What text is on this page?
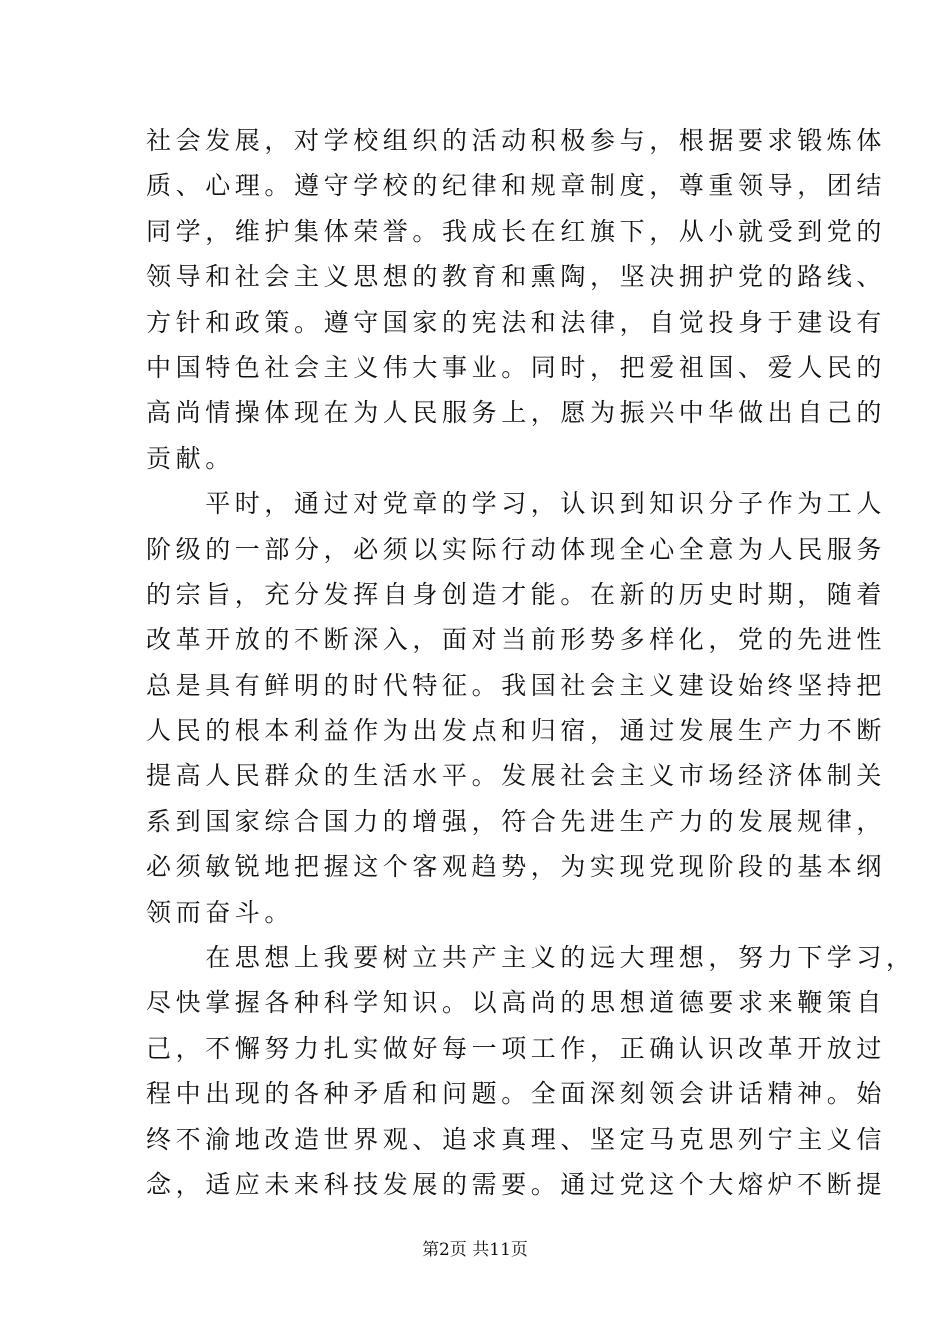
社会发展，对学校组织的活动积极参与，根据要求锻炼体
质、心理。遵守学校的纪律和规章制度，尊重领导，团结
同学，维护集体荣誉。我成长在红旗下，从小就受到党的
领导和社会主义思想的教育和熏陶，坚决拥护党的路线、
方针和政策。遵守国家的宪法和法律，自觉投身于建设有
中国特色社会主义伟大事业。同时，把爱祖国、爱人民的
高尚情操体现在为人民服务上，愿为振兴中华做出自己的
贡献。
　　平时，通过对党章的学习，认识到知识分子作为工人
阶级的一部分，必须以实际行动体现全心全意为人民服务
的宗旨，充分发挥自身创造才能。在新的历史时期，随着
改革开放的不断深入，面对当前形势多样化，党的先进性
总是具有鲜明的时代特征。我国社会主义建设始终坚持把
人民的根本利益作为出发点和归宿，通过发展生产力不断
提高人民群众的生活水平。发展社会主义市场经济体制关
系到国家综合国力的增强，符合先进生产力的发展规律，
必须敏锐地把握这个客观趋势，为实现党现阶段的基本纲
领而奋斗。
　　在思想上我要树立共产主义的远大理想，努力下学习，
尽快掌握各种科学知识。以高尚的思想道德要求来鞭策自
己，不懈努力扎实做好每一项工作，正确认识改革开放过
程中出现的各种矛盾和问题。全面深刻领会讲话精神。始
终不渝地改造世界观、追求真理、坚定马克思列宁主义信
念，适应未来科技发展的需要。通过党这个大熔炉不断提
第2页 共11页
